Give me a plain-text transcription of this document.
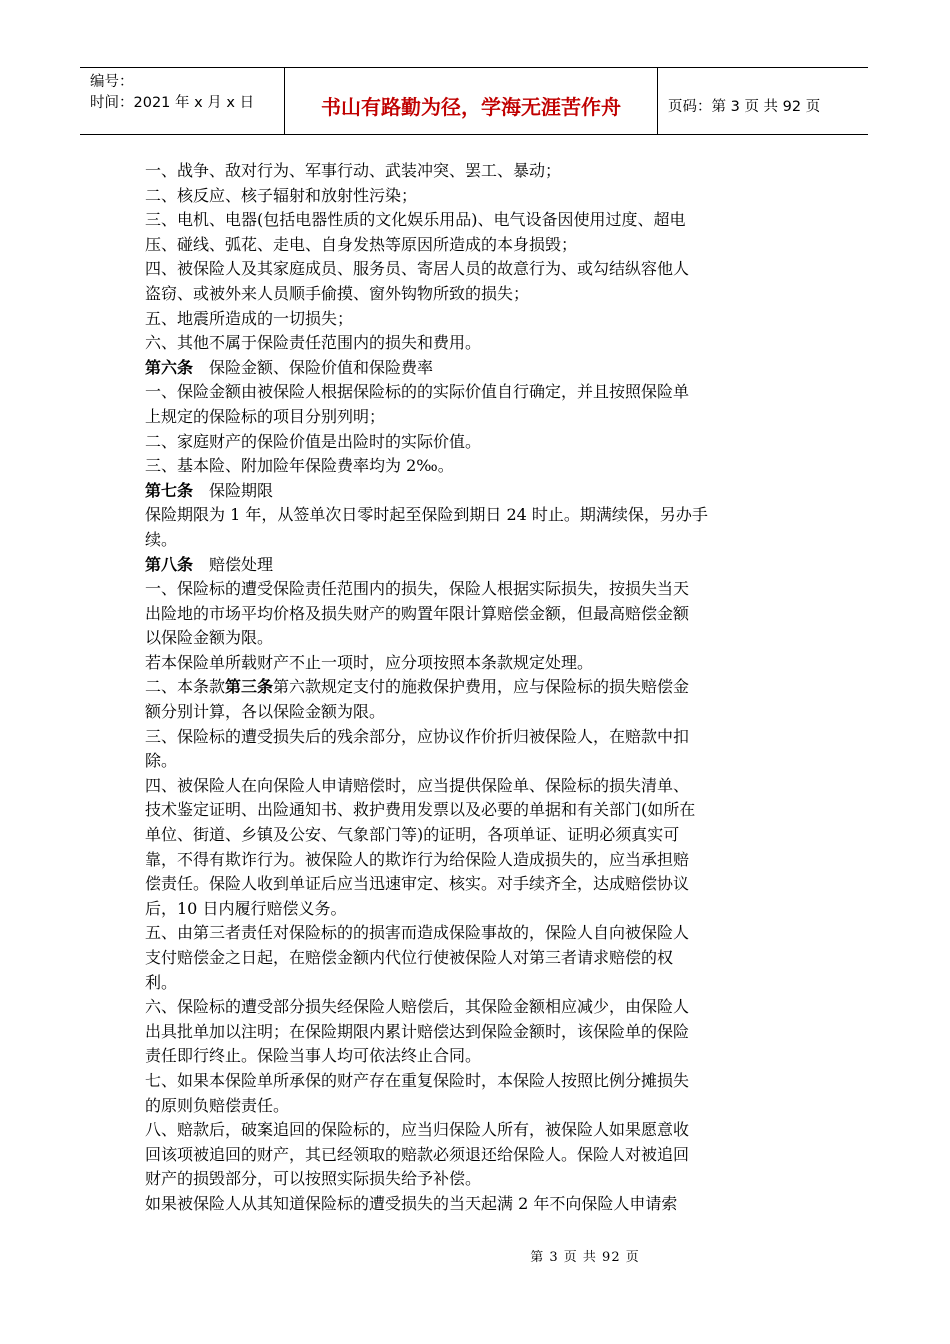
编号：
时间：2021 年 x 月 x 日	书山有路勤为径，学海无涯苦作舟	页码：第 3 页 共 92 页

一、战争、敌对行为、军事行动、武装冲突、罢工、暴动；

二、核反应、核子辐射和放射性污染；

三、电机、电器(包括电器性质的文化娱乐用品)、电气设备因使用过度、超电

压、碰线、弧花、走电、自身发热等原因所造成的本身损毁；

四、被保险人及其家庭成员、服务员、寄居人员的故意行为、或勾结纵容他人

盗窃、或被外来人员顺手偷摸、窗外钩物所致的损失；

五、地震所造成的一切损失；

六、其他不属于保险责任范围内的损失和费用。

第六条　保险金额、保险价值和保险费率

一、保险金额由被保险人根据保险标的的实际价值自行确定，并且按照保险单

上规定的保险标的项目分别列明；

二、家庭财产的保险价值是出险时的实际价值。

三、基本险、附加险年保险费率均为 2‰。

第七条　保险期限

保险期限为 1 年，从签单次日零时起至保险到期日 24 时止。期满续保，另办手

续。

第八条　赔偿处理

一、保险标的遭受保险责任范围内的损失，保险人根据实际损失，按损失当天

出险地的市场平均价格及损失财产的购置年限计算赔偿金额，但最高赔偿金额

以保险金额为限。

若本保险单所载财产不止一项时，应分项按照本条款规定处理。

二、本条款第三条第六款规定支付的施救保护费用，应与保险标的损失赔偿金

额分别计算，各以保险金额为限。

三、保险标的遭受损失后的残余部分，应协议作价折归被保险人，在赔款中扣

除。

四、被保险人在向保险人申请赔偿时，应当提供保险单、保险标的损失清单、

技术鉴定证明、出险通知书、救护费用发票以及必要的单据和有关部门(如所在

单位、街道、乡镇及公安、气象部门等)的证明，各项单证、证明必须真实可

靠，不得有欺诈行为。被保险人的欺诈行为给保险人造成损失的，应当承担赔

偿责任。保险人收到单证后应当迅速审定、核实。对手续齐全，达成赔偿协议

后，10 日内履行赔偿义务。

五、由第三者责任对保险标的的损害而造成保险事故的，保险人自向被保险人

支付赔偿金之日起，在赔偿金额内代位行使被保险人对第三者请求赔偿的权

利。

六、保险标的遭受部分损失经保险人赔偿后，其保险金额相应减少，由保险人

出具批单加以注明；在保险期限内累计赔偿达到保险金额时，该保险单的保险

责任即行终止。保险当事人均可依法终止合同。

七、如果本保险单所承保的财产存在重复保险时，本保险人按照比例分摊损失

的原则负赔偿责任。

八、赔款后，破案追回的保险标的，应当归保险人所有，被保险人如果愿意收

回该项被追回的财产，其已经领取的赔款必须退还给保险人。保险人对被追回

财产的损毁部分，可以按照实际损失给予补偿。

如果被保险人从其知道保险标的遭受损失的当天起满 2 年不向保险人申请索

第 3 页 共 92 页
